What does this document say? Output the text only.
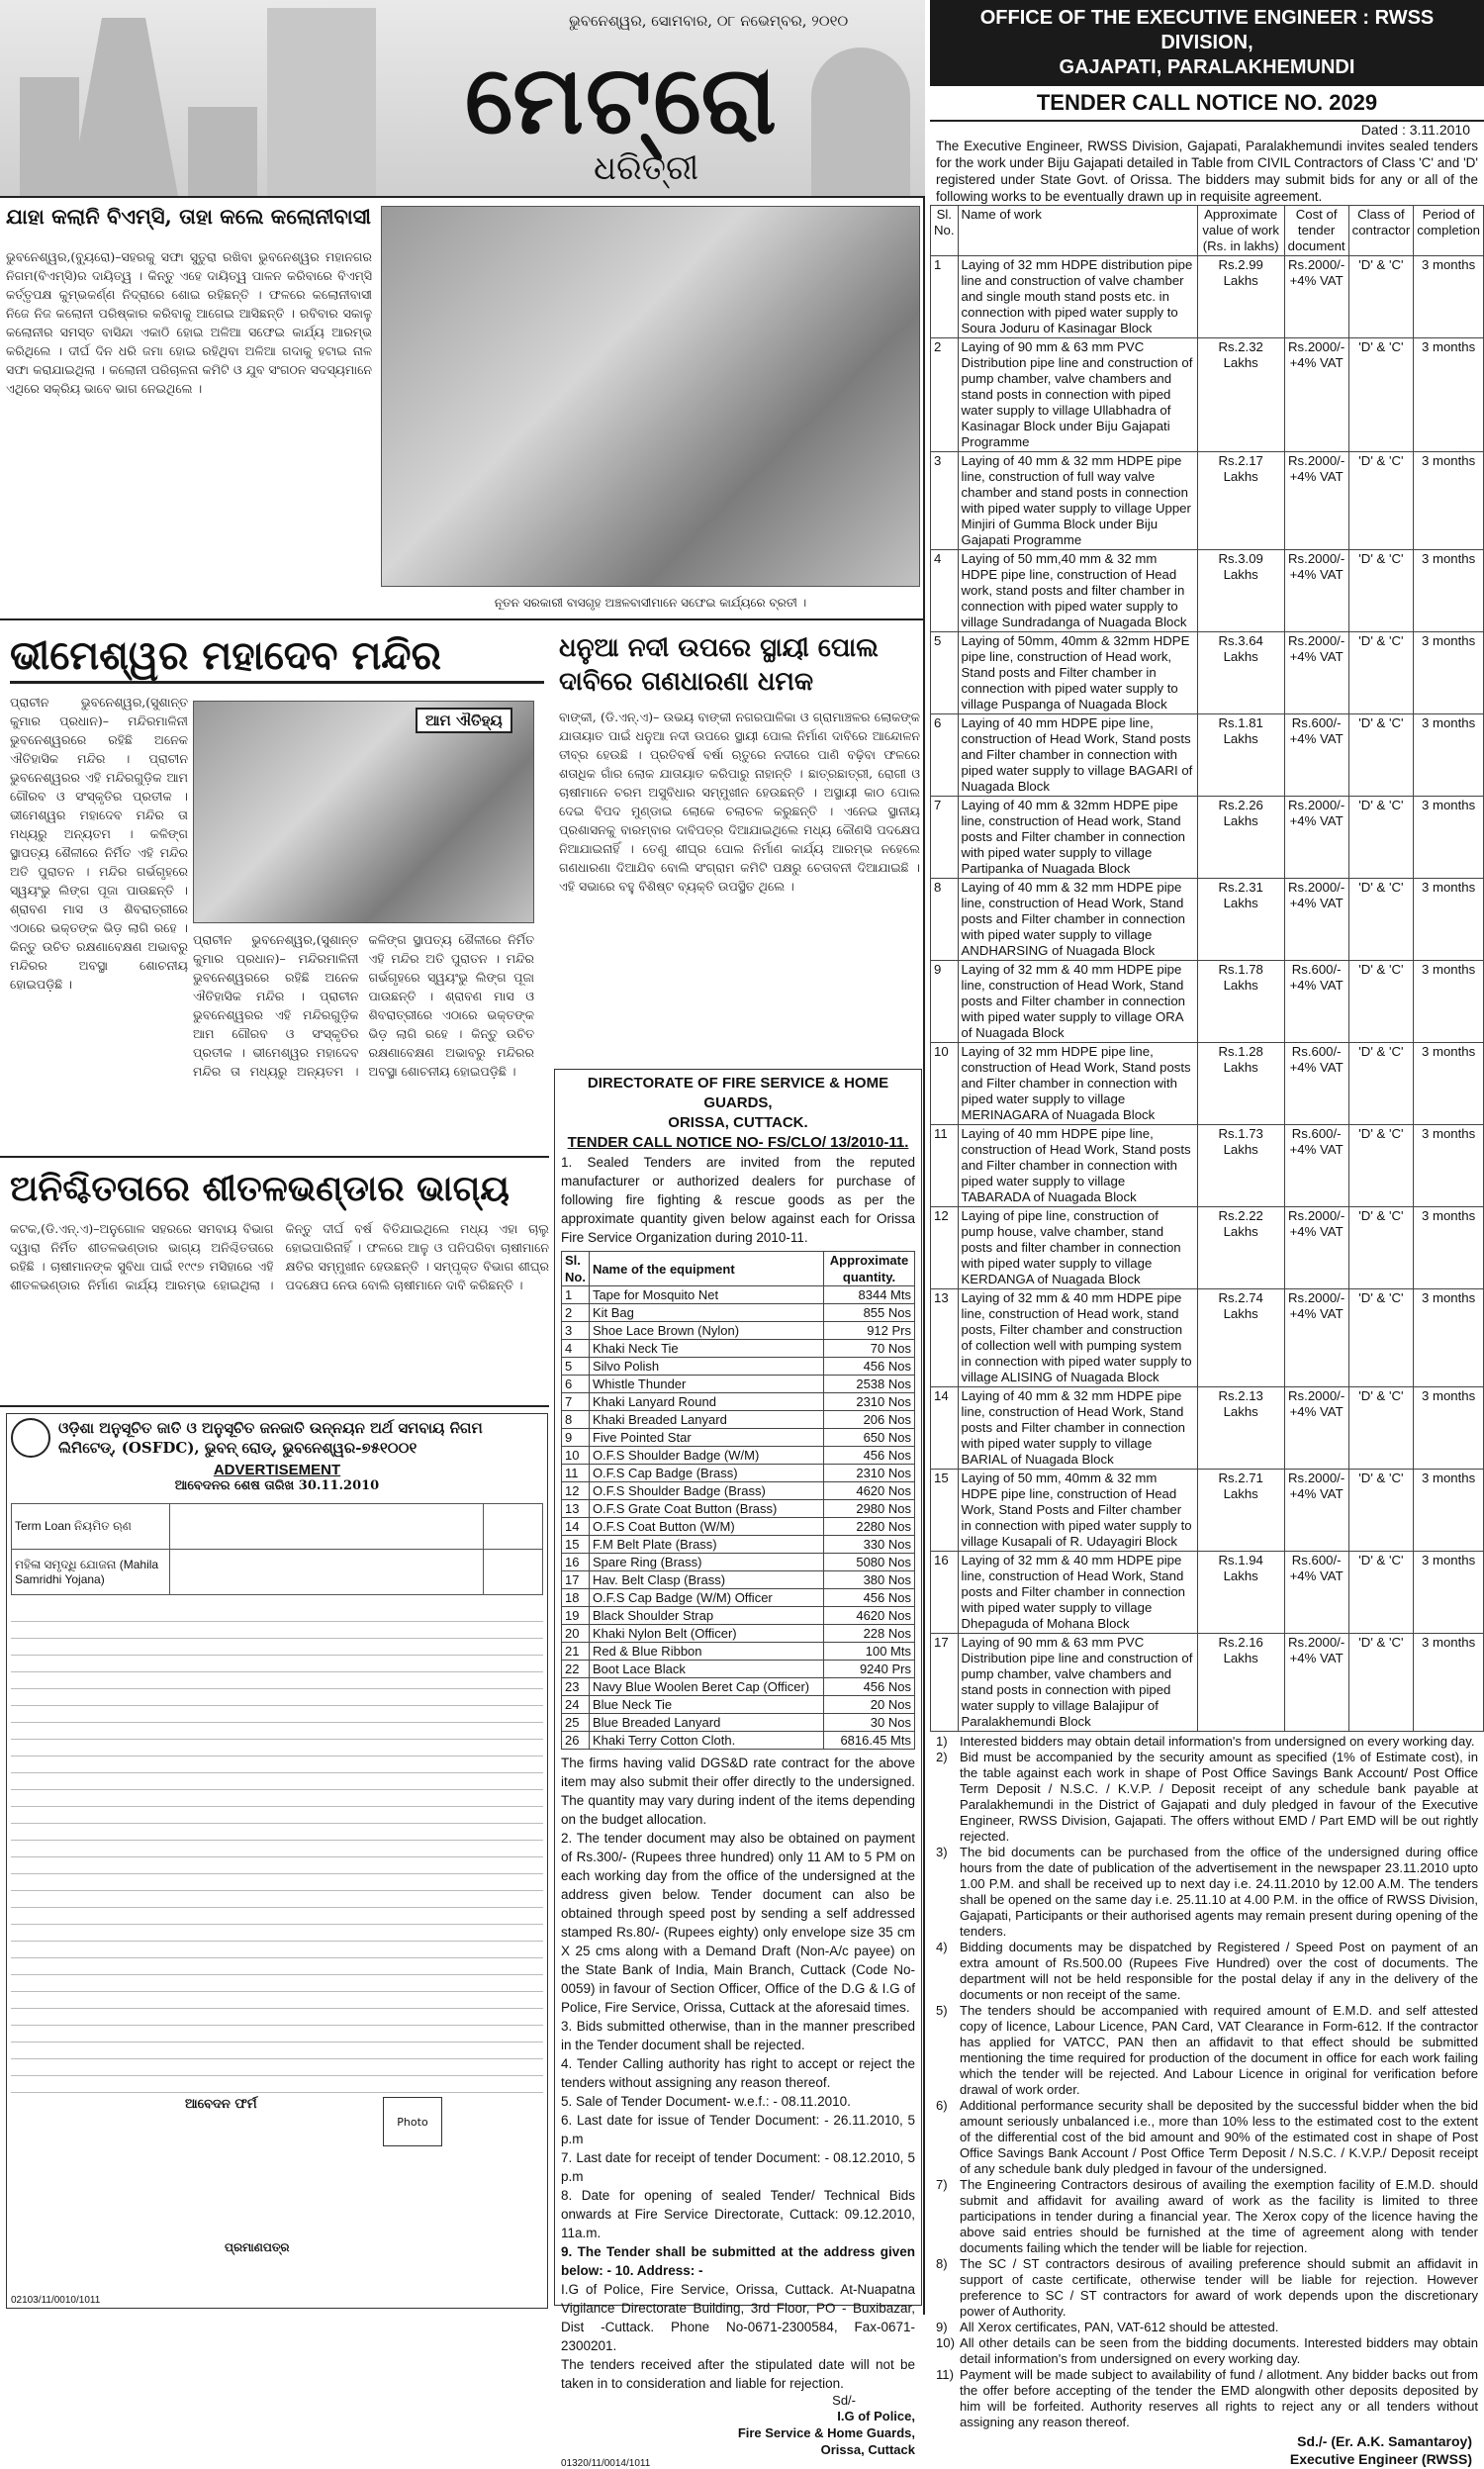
ଭୁବନେଶ୍ୱର, ସୋମବାର, ୦୮ ନଭେମ୍ବର, ୨୦୧୦
ମେଟ୍ରୋ
ଧରିତ୍ରୀ
ଯାହା କଲାନି ବିଏମ୍‌ସି, ତାହା କଲେ କଲୋନୀବାସୀ
ଭୁବନେଶ୍ୱର,(ବ୍ୟୁରୋ)–ସହରକୁ ସଫା ସୁତୁରା ରଖିବା ଭୁବନେଶ୍ୱର ମହାନଗର ନିଗମ(ବିଏମ୍‌ସି)ର ଦାୟିତ୍ୱ । କିନ୍ତୁ ଏହେ ଦାୟିତ୍ୱ ପାଳନ କରିବାରେ ବିଏମ୍‌ସି କର୍ତ୍ତୃପକ୍ଷ କୁମ୍ଭକର୍ଣ୍ଣ ନିଦ୍ରାରେ ଶୋଇ ରହିଛନ୍ତି । ଫଳରେ କଲୋନୀବାସୀ ନିଜେ ନିଜ କଲୋନୀ ପରିଷ୍କାର କରିବାକୁ ଆଗେଇ ଆସିଛନ୍ତି । ରବିବାର ସକାଳୁ କଲୋନୀର ସମସ୍ତ ବାସିନ୍ଦା ଏକାଠି ହୋଇ ଅଳିଆ ସଫେଇ କାର୍ଯ୍ୟ ଆରମ୍ଭ କରିଥିଲେ । ଦୀର୍ଘ ଦିନ ଧରି ଜମା ହୋଇ ରହିଥିବା ଅଳିଆ ଗଦାକୁ ହଟାଇ ନାଳ ସଫା କରାଯାଇଥିଲା । କଲୋନୀ ପରିଚାଳନା କମିଟି ଓ ଯୁବ ସଂଗଠନ ସଦସ୍ୟମାନେ ଏଥିରେ ସକ୍ରିୟ ଭାବେ ଭାଗ ନେଇଥିଲେ ।
ନୂତନ ସରକାରୀ ବାସଗୃହ ଅଞ୍ଚଳବାସୀମାନେ ସଫେଇ କାର୍ଯ୍ୟରେ ବ୍ରତୀ ।
ଭୀମେଶ୍ୱର ମହାଦେବ ମନ୍ଦିର
ପ୍ରାଚୀନ ଭୁବନେଶ୍ୱର,(ସୁଶାନ୍ତ କୁମାର ପ୍ରଧାନ)– ମନ୍ଦିରମାଳିନୀ ଭୁବନେଶ୍ୱରରେ ରହିଛି ଅନେକ ଐତିହାସିକ ମନ୍ଦିର । ପ୍ରାଚୀନ ଭୁବନେଶ୍ୱରର ଏହି ମନ୍ଦିରଗୁଡ଼ିକ ଆମ ଗୌରବ ଓ ସଂସ୍କୃତିର ପ୍ରତୀକ । ଭୀମେଶ୍ୱର ମହାଦେବ ମନ୍ଦିର ତା ମଧ୍ୟରୁ ଅନ୍ୟତମ । କଳିଙ୍ଗ ସ୍ଥାପତ୍ୟ ଶୈଳୀରେ ନିର୍ମିତ ଏହି ମନ୍ଦିର ଅତି ପୁରାତନ । ମନ୍ଦିର ଗର୍ଭଗୃହରେ ସ୍ୱୟଂଭୁ ଲିଙ୍ଗ ପୂଜା ପାଉଛନ୍ତି । ଶ୍ରାବଣ ମାସ ଓ ଶିବରାତ୍ରୀରେ ଏଠାରେ ଭକ୍ତଙ୍କ ଭିଡ଼ ଲାଗି ରହେ । କିନ୍ତୁ ଉଚିତ ରକ୍ଷଣାବେକ୍ଷଣ ଅଭାବରୁ ମନ୍ଦିରର ଅବସ୍ଥା ଶୋଚନୀୟ ହୋଇପଡ଼ିଛି ।
ଆମ ଐତିହ୍ୟ
ପ୍ରାଚୀନ ଭୁବନେଶ୍ୱର,(ସୁଶାନ୍ତ କୁମାର ପ୍ରଧାନ)– ମନ୍ଦିରମାଳିନୀ ଭୁବନେଶ୍ୱରରେ ରହିଛି ଅନେକ ଐତିହାସିକ ମନ୍ଦିର । ପ୍ରାଚୀନ ଭୁବନେଶ୍ୱରର ଏହି ମନ୍ଦିରଗୁଡ଼ିକ ଆମ ଗୌରବ ଓ ସଂସ୍କୃତିର ପ୍ରତୀକ । ଭୀମେଶ୍ୱର ମହାଦେବ ମନ୍ଦିର ତା ମଧ୍ୟରୁ ଅନ୍ୟତମ । କଳିଙ୍ଗ ସ୍ଥାପତ୍ୟ ଶୈଳୀରେ ନିର୍ମିତ ଏହି ମନ୍ଦିର ଅତି ପୁରାତନ । ମନ୍ଦିର ଗର୍ଭଗୃହରେ ସ୍ୱୟଂଭୁ ଲିଙ୍ଗ ପୂଜା ପାଉଛନ୍ତି । ଶ୍ରାବଣ ମାସ ଓ ଶିବରାତ୍ରୀରେ ଏଠାରେ ଭକ୍ତଙ୍କ ଭିଡ଼ ଲାଗି ରହେ । କିନ୍ତୁ ଉଚିତ ରକ୍ଷଣାବେକ୍ଷଣ ଅଭାବରୁ ମନ୍ଦିରର ଅବସ୍ଥା ଶୋଚନୀୟ ହୋଇପଡ଼ିଛି ।
ଧନୁଆ ନଦୀ ଉପରେ ସ୍ଥାୟୀ ପୋଲ ଦାବିରେ ଗଣଧାରଣା ଧମକ
ବାଙ୍କୀ, (ଡି.ଏନ୍.ଏ)– ଉଭୟ ବାଙ୍କୀ ନଗରପାଳିକା ଓ ଗ୍ରାମାଞ୍ଚଳର ଲୋକଙ୍କ ଯାତାୟାତ ପାଇଁ ଧନୁଆ ନଦୀ ଉପରେ ସ୍ଥାୟୀ ପୋଲ ନିର୍ମାଣ ଦାବିରେ ଆନ୍ଦୋଳନ ତୀବ୍ର ହେଉଛି । ପ୍ରତିବର୍ଷ ବର୍ଷା ଋତୁରେ ନଦୀରେ ପାଣି ବଢ଼ିବା ଫଳରେ ଶତାଧିକ ଗାଁର ଲୋକ ଯାତାୟାତ କରିପାରୁ ନାହାନ୍ତି । ଛାତ୍ରଛାତ୍ରୀ, ରୋଗୀ ଓ ଚାଷୀମାନେ ଚରମ ଅସୁବିଧାର ସମ୍ମୁଖୀନ ହେଉଛନ୍ତି । ଅସ୍ଥାୟୀ କାଠ ପୋଲ ଦେଇ ବିପଦ ମୁଣ୍ଡାଇ ଲୋକେ ଚଲାଚଳ କରୁଛନ୍ତି । ଏନେଇ ସ୍ଥାନୀୟ ପ୍ରଶାସନକୁ ବାରମ୍ବାର ଦାବିପତ୍ର ଦିଆଯାଇଥିଲେ ମଧ୍ୟ କୌଣସି ପଦକ୍ଷେପ ନିଆଯାଇନାହିଁ । ତେଣୁ ଶୀଘ୍ର ପୋଲ ନିର୍ମାଣ କାର୍ଯ୍ୟ ଆରମ୍ଭ ନହେଲେ ଗଣଧାରଣା ଦିଆଯିବ ବୋଲି ସଂଗ୍ରାମ କମିଟି ପକ୍ଷରୁ ଚେତାବନୀ ଦିଆଯାଇଛି । ଏହି ସଭାରେ ବହୁ ବିଶିଷ୍ଟ ବ୍ୟକ୍ତି ଉପସ୍ଥିତ ଥିଲେ ।
ଅନିଶ୍ଚିତତାରେ ଶୀତଳଭଣ୍ଡାର ଭାଗ୍ୟ
କଟକ,(ଡି.ଏନ୍.ଏ)–ଅନୁଗୋଳ ସହରରେ ସମବାୟ ବିଭାଗ ଦ୍ୱାରା ନିର୍ମିତ ଶୀତଳଭଣ୍ଡାର ଭାଗ୍ୟ ଅନିଶ୍ଚିତତାରେ ରହିଛି । ଚାଷୀମାନଙ୍କ ସୁବିଧା ପାଇଁ ୧୯୯୭ ମସିହାରେ ଏହି ଶୀତଳଭଣ୍ଡାର ନିର୍ମାଣ କାର୍ଯ୍ୟ ଆରମ୍ଭ ହୋଇଥିଲା । କିନ୍ତୁ ଦୀର୍ଘ ବର୍ଷ ବିତିଯାଇଥିଲେ ମଧ୍ୟ ଏହା ଚାଲୁ ହୋଇପାରିନାହିଁ । ଫଳରେ ଆଳୁ ଓ ପନିପରିବା ଚାଷୀମାନେ କ୍ଷତିର ସମ୍ମୁଖୀନ ହେଉଛନ୍ତି । ସମ୍ପୃକ୍ତ ବିଭାଗ ଶୀଘ୍ର ପଦକ୍ଷେପ ନେଉ ବୋଲି ଚାଷୀମାନେ ଦାବି କରିଛନ୍ତି ।
ଓଡ଼ିଶା ଅନୁସୂଚିତ ଜାତି ଓ ଅନୁସୂଚିତ ଜନଜାତି ଉନ୍ନୟନ ଅର୍ଥ ସମବାୟ ନିଗମ ଲିମିଟେଡ୍, (OSFDC), ଭୁବନ୍ ରୋଡ୍, ଭୁବନେଶ୍ୱର-୭୫୧୦୦୧
ADVERTISEMENT
ଆବେଦନର ଶେଷ ତାରିଖ 30.11.2010
Term Loan ନିୟମିତ ଋଣ		
ମହିଳା ସମୃଦ୍ଧି ଯୋଜନା (Mahila Samridhi Yojana)		
ଆବେଦନ ଫର୍ମ
Photo
ପ୍ରମାଣପତ୍ର
02103/11/0010/1011
DIRECTORATE OF FIRE SERVICE & HOME GUARDS,
ORISSA, CUTTACK.
TENDER CALL NOTICE NO- FS/CLO/ 13/2010-11.

1. Sealed Tenders are invited from the reputed manufacturer or authorized dealers for purchase of following fire fighting & rescue goods as per the approximate quantity given below against each for Orissa Fire Service Organization during 2010-11.

Sl. No.	Name of the equipment	Approximate quantity.
1	Tape for Mosquito Net	8344 Mts
2	Kit Bag	855 Nos
3	Shoe Lace Brown (Nylon)	912 Prs
4	Khaki Neck Tie	70 Nos
5	Silvo Polish	456 Nos
6	Whistle Thunder	2538 Nos
7	Khaki Lanyard Round	2310 Nos
8	Khaki Breaded Lanyard	206 Nos
9	Five Pointed Star	650 Nos
10	O.F.S Shoulder Badge (W/M)	456 Nos
11	O.F.S Cap Badge (Brass)	2310 Nos
12	O.F.S Shoulder Badge (Brass)	4620 Nos
13	O.F.S Grate Coat Button (Brass)	2980 Nos
14	O.F.S Coat Button (W/M)	2280 Nos
15	F.M Belt Plate (Brass)	330 Nos
16	Spare Ring (Brass)	5080 Nos
17	Hav. Belt Clasp (Brass)	380 Nos
18	O.F.S Cap Badge (W/M) Officer	456 Nos
19	Black Shoulder Strap	4620 Nos
20	Khaki Nylon Belt (Officer)	228 Nos
21	Red & Blue Ribbon	100 Mts
22	Boot Lace Black	9240 Prs
23	Navy Blue Woolen Beret Cap (Officer)	456 Nos
24	Blue Neck Tie	20 Nos
25	Blue Breaded Lanyard	30 Nos
26	Khaki Terry Cotton Cloth.	6816.45 Mts

The firms having valid DGS&D rate contract for the above item may also submit their offer directly to the undersigned. The quantity may vary during indent of the items depending on the budget allocation.

2. The tender document may also be obtained on payment of Rs.300/- (Rupees three hundred) only 11 AM to 5 PM on each working day from the office of the undersigned at the address given below. Tender document can also be obtained through speed post by sending a self addressed stamped Rs.80/- (Rupees eighty) only envelope size 35 cm X 25 cms along with a Demand Draft (Non-A/c payee) on the State Bank of India, Main Branch, Cuttack (Code No-0059) in favour of Section Officer, Office of the D.G & I.G of Police, Fire Service, Orissa, Cuttack at the aforesaid times.

3. Bids submitted otherwise, than in the manner prescribed in the Tender document shall be rejected.

4. Tender Calling authority has right to accept or reject the tenders without assigning any reason thereof.

5. Sale of Tender Document- w.e.f.: - 08.11.2010.

6. Last date for issue of Tender Document: - 26.11.2010, 5 p.m

7. Last date for receipt of tender Document: - 08.12.2010, 5 p.m

8. Date for opening of sealed Tender/ Technical Bids onwards at Fire Service Directorate, Cuttack: 09.12.2010, 11a.m.

9. The Tender shall be submitted at the address given below: - 10. Address: -

I.G of Police, Fire Service, Orissa, Cuttack. At-Nuapatna Vigilance Directorate Building, 3rd Floor, PO - Buxibazar, Dist -Cuttack. Phone No-0671-2300584, Fax-0671-2300201.

The tenders received after the stipulated date will not be taken in to consideration and liable for rejection.

Sd/-
I.G of Police,
Fire Service & Home Guards,
Orissa, Cuttack
01320/11/0014/1011
OFFICE OF THE EXECUTIVE ENGINEER : RWSS DIVISION,
GAJAPATI, PARALAKHEMUNDI
TENDER CALL NOTICE NO. 2029
Dated : 3.11.2010
The Executive Engineer, RWSS Division, Gajapati, Paralakhemundi invites sealed tenders for the work under Biju Gajapati detailed in Table from CIVIL Contractors of Class 'C' and 'D' registered under State Govt. of Orissa. The bidders may submit bids for any or all of the following works to be eventually drawn up in requisite agreement.
Sl. No.	Name of work	Approximate value of work (Rs. in lakhs)	Cost of tender document	Class of contractor	Period of completion
1	Laying of 32 mm HDPE distribution pipe line and construction of valve chamber and single mouth stand posts etc. in connection with piped water supply to Soura Joduru of Kasinagar Block	Rs.2.99 Lakhs	Rs.2000/- +4% VAT	'D' & 'C'	3 months
2	Laying of 90 mm & 63 mm PVC Distribution pipe line and construction of pump chamber, valve chambers and stand posts in connection with piped water supply to village Ullabhadra of Kasinagar Block under Biju Gajapati Programme	Rs.2.32 Lakhs	Rs.2000/- +4% VAT	'D' & 'C'	3 months
3	Laying of 40 mm & 32 mm HDPE pipe line, construction of full way valve chamber and stand posts in connection with piped water supply to village Upper Minjiri of Gumma Block under Biju Gajapati Programme	Rs.2.17 Lakhs	Rs.2000/- +4% VAT	'D' & 'C'	3 months
4	Laying of 50 mm,40 mm & 32 mm HDPE pipe line, construction of Head work, stand posts and filter chamber in connection with piped water supply to village Sundradanga of Nuagada Block	Rs.3.09 Lakhs	Rs.2000/- +4% VAT	'D' & 'C'	3 months
5	Laying of 50mm, 40mm & 32mm HDPE pipe line, construction of Head work, Stand posts and Filter chamber in connection with piped water supply to village Puspanga of Nuagada Block	Rs.3.64 Lakhs	Rs.2000/- +4% VAT	'D' & 'C'	3 months
6	Laying of 40 mm HDPE pipe line, construction of Head Work, Stand posts and Filter chamber in connection with piped water supply to village BAGARI of Nuagada Block	Rs.1.81 Lakhs	Rs.600/- +4% VAT	'D' & 'C'	3 months
7	Laying of 40 mm & 32mm HDPE pipe line, construction of Head work, Stand posts and Filter chamber in connection with piped water supply to village Partipanka of Nuagada Block	Rs.2.26 Lakhs	Rs.2000/- +4% VAT	'D' & 'C'	3 months
8	Laying of 40 mm & 32 mm HDPE pipe line, construction of Head Work, Stand posts and Filter chamber in connection with piped water supply to village ANDHARSING of Nuagada Block	Rs.2.31 Lakhs	Rs.2000/- +4% VAT	'D' & 'C'	3 months
9	Laying of 32 mm & 40 mm HDPE pipe line, construction of Head Work, Stand posts and Filter chamber in connection with piped water supply to village ORA of Nuagada Block	Rs.1.78 Lakhs	Rs.600/- +4% VAT	'D' & 'C'	3 months
10	Laying of 32 mm HDPE pipe line, construction of Head Work, Stand posts and Filter chamber in connection with piped water supply to village MERINAGARA of Nuagada Block	Rs.1.28 Lakhs	Rs.600/- +4% VAT	'D' & 'C'	3 months
11	Laying of 40 mm HDPE pipe line, construction of Head Work, Stand posts and Filter chamber in connection with piped water supply to village TABARADA of Nuagada Block	Rs.1.73 Lakhs	Rs.600/- +4% VAT	'D' & 'C'	3 months
12	Laying of pipe line, construction of pump house, valve chamber, stand posts and filter chamber in connection with piped water supply to village KERDANGA of Nuagada Block	Rs.2.22 Lakhs	Rs.2000/- +4% VAT	'D' & 'C'	3 months
13	Laying of 32 mm & 40 mm HDPE pipe line, construction of Head work, stand posts, Filter chamber and construction of collection well with pumping system in connection with piped water supply to village ALISING of Nuagada Block	Rs.2.74 Lakhs	Rs.2000/- +4% VAT	'D' & 'C'	3 months
14	Laying of 40 mm & 32 mm HDPE pipe line, construction of Head Work, Stand posts and Filter chamber in connection with piped water supply to village BARIAL of Nuagada Block	Rs.2.13 Lakhs	Rs.2000/- +4% VAT	'D' & 'C'	3 months
15	Laying of 50 mm, 40mm & 32 mm HDPE pipe line, construction of Head Work, Stand Posts and Filter chamber in connection with piped water supply to village Kusapali of R. Udayagiri Block	Rs.2.71 Lakhs	Rs.2000/- +4% VAT	'D' & 'C'	3 months
16	Laying of 32 mm & 40 mm HDPE pipe line, construction of Head Work, Stand posts and Filter chamber in connection with piped water supply to village Dhepaguda of Mohana Block	Rs.1.94 Lakhs	Rs.600/- +4% VAT	'D' & 'C'	3 months
17	Laying of 90 mm & 63 mm PVC Distribution pipe line and construction of pump chamber, valve chambers and stand posts in connection with piped water supply to village Balajipur of Paralakhemundi Block	Rs.2.16 Lakhs	Rs.2000/- +4% VAT	'D' & 'C'	3 months
1) Interested bidders may obtain detail information's from undersigned on every working day.
2) Bid must be accompanied by the security amount as specified (1% of Estimate cost), in the table against each work in shape of Post Office Savings Bank Account/ Post Office Term Deposit / N.S.C. / K.V.P. / Deposit receipt of any schedule bank payable at Paralakhemundi in the District of Gajapati and duly pledged in favour of the Executive Engineer, RWSS Division, Gajapati. The offers without EMD / Part EMD will be out rightly rejected.
3) The bid documents can be purchased from the office of the undersigned during office hours from the date of publication of the advertisement in the newspaper 23.11.2010 upto 1.00 P.M. and shall be received up to next day i.e. 24.11.2010 by 12.00 A.M. The tenders shall be opened on the same day i.e. 25.11.10 at 4.00 P.M. in the office of RWSS Division, Gajapati, Participants or their authorised agents may remain present during opening of the tenders.
4) Bidding documents may be dispatched by Registered / Speed Post on payment of an extra amount of Rs.500.00 (Rupees Five Hundred) over the cost of documents. The department will not be held responsible for the postal delay if any in the delivery of the documents or non receipt of the same.
5) The tenders should be accompanied with required amount of E.M.D. and self attested copy of licence, Labour Licence, PAN Card, VAT Clearance in Form-612. If the contractor has applied for VATCC, PAN then an affidavit to that effect should be submitted mentioning the time required for production of the document in office for each work failing which the tender will be rejected. And Labour Licence in original for verification before drawal of work order.
6) Additional performance security shall be deposited by the successful bidder when the bid amount seriously unbalanced i.e., more than 10% less to the estimated cost to the extent of the differential cost of the bid amount and 90% of the estimated cost in shape of Post Office Savings Bank Account / Post Office Term Deposit / N.S.C. / K.V.P./ Deposit receipt of any schedule bank duly pledged in favour of the undersigned.
7) The Engineering Contractors desirous of availing the exemption facility of E.M.D. should submit and affidavit for availing award of work as the facility is limited to three participations in tender during a financial year. The Xerox copy of the licence having the above said entries should be furnished at the time of agreement along with tender documents failing which the tender will be liable for rejection.
8) The SC / ST contractors desirous of availing preference should submit an affidavit in support of caste certificate, otherwise tender will be liable for rejection. However preference to SC / ST contractors for award of work depends upon the discretionary power of Authority.
9) All Xerox certificates, PAN, VAT-612 should be attested.
10) All other details can be seen from the bidding documents. Interested bidders may obtain detail information's from undersigned on every working day.
11) Payment will be made subject to availability of fund / allotment. Any bidder backs out from the offer before accepting of the tender the EMD alongwith other deposits deposited by him will be forfeited. Authority reserves all rights to reject any or all tenders without assigning any reason thereof.
Sd./- (Er. A.K. Samantaroy)
Executive Engineer (RWSS)
